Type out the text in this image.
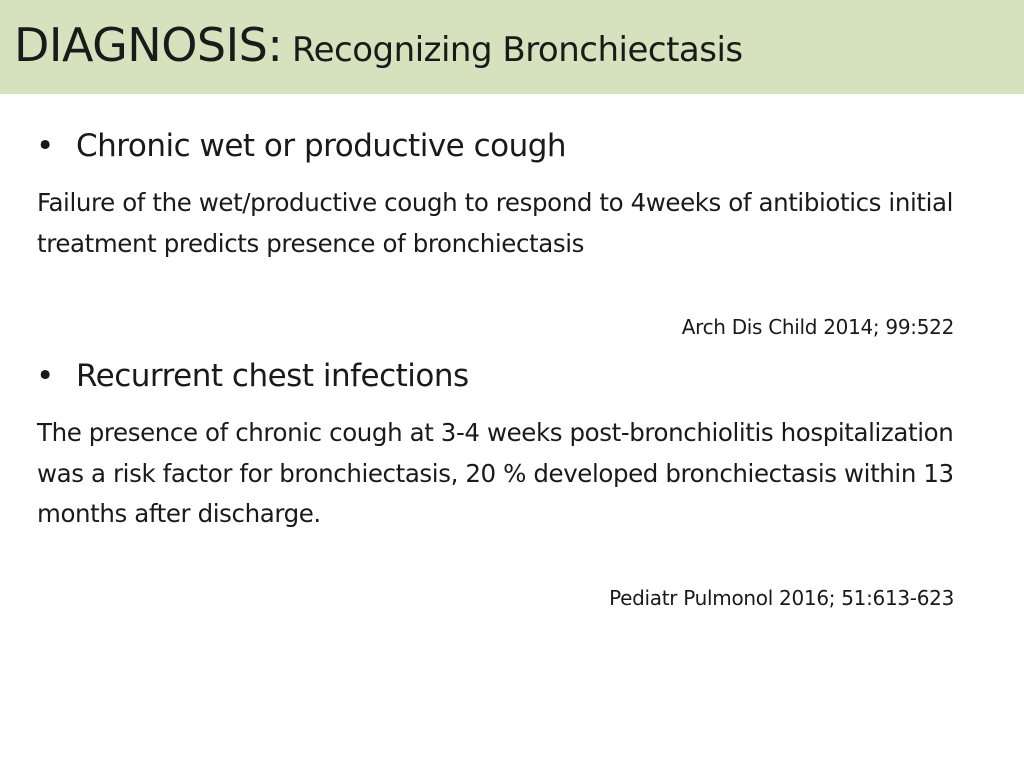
DIAGNOSIS: Recognizing Bronchiectasis
• Chronic wet or productive cough

Failure of the wet/productive cough to respond to 4weeks of antibiotics initial treatment predicts presence of bronchiectasis

Arch Dis Child 2014; 99:522
• Recurrent chest infections

The presence of chronic cough at 3-4 weeks post-bronchiolitis hospitalization was a risk factor for bronchiectasis, 20 % developed bronchiectasis within 13 months after discharge.

Pediatr Pulmonol 2016; 51:613-623
